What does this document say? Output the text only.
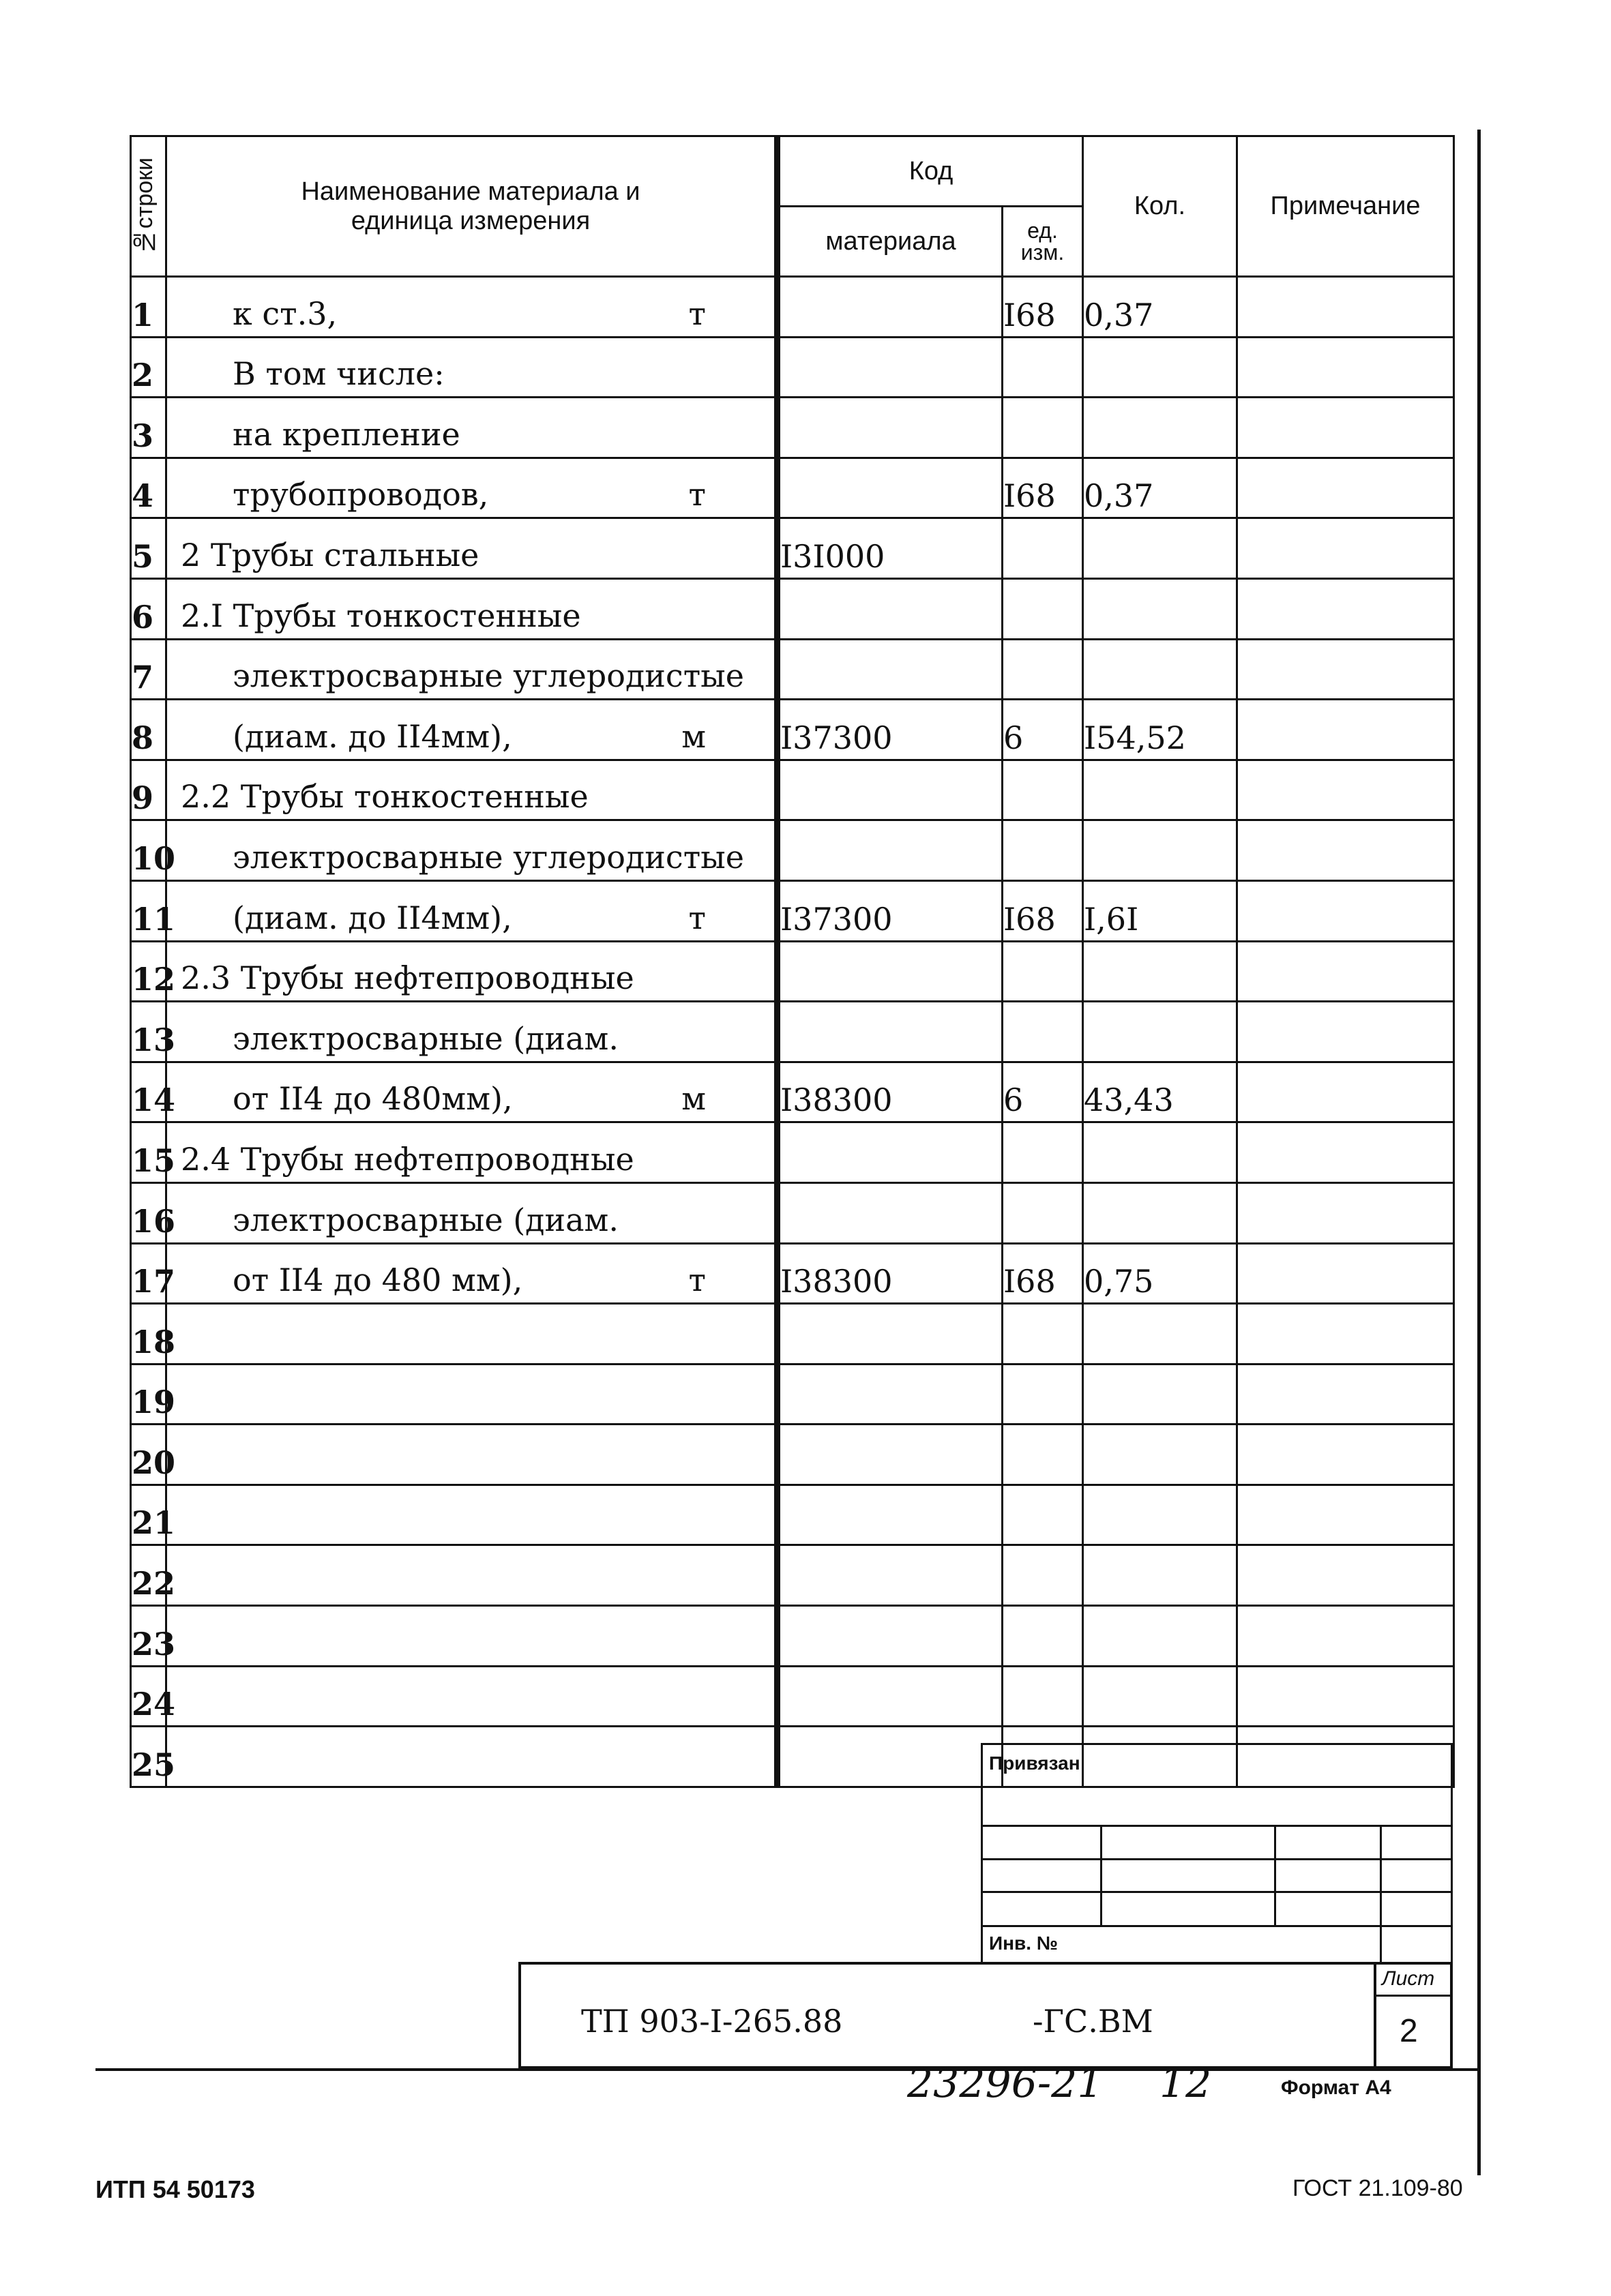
№строки	Наименование материала и
единица измерения	Код		Кол.	Примечание
		материала	ед.
изм.		

1	к ст.3, т		I68	0,37	
2	В том числе:				

3	на крепление				

4	трубопроводов, т		I68	0,37	
5	2 Трубы стальные	I3I000			
6	2.I Трубы тонкостенные				

7	электросварные углеродистые				

8	(диам. до II4мм), м	I37300	6	I54,52	
9	2.2 Трубы тонкостенные				

10	электросварные углеродистые				

11	(диам. до II4мм), т	I37300	I68	I,6I	
12	2.3 Трубы нефтепроводные				

13	электросварные (диам.				

14	от II4 до 480мм), м	I38300	6	43,43	
15	2.4 Трубы нефтепроводные				

16	электросварные (диам.				

17	от II4 до 480 мм), т	I38300	I68	0,75	
18	

19	

20	

21	

22	

23	

24	

25	

		Привязан
Инв. №
ТП 903-I-265.88	-ГС.ВМ
Лист
2
23296-21 12	Формат А4
ИТП 54 50173	ГОСТ 21.109-80
